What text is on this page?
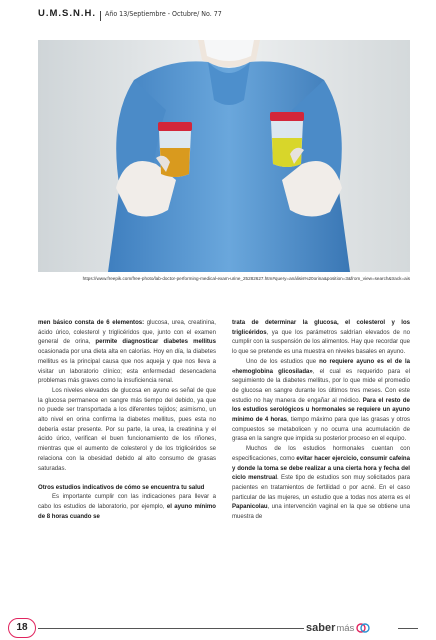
U.M.S.N.H. Año 13/Septiembre - Octubre/ No. 77
https://www.freepik.com/free-photo/lab-doctor-performing-medical-exam-urine_25282627.htm#query=análisis%20orina&position=3&from_view=search&track=ais

men básico consta de 6 elementos: glucosa, urea, creatinina, ácido úrico, colesterol y triglicéridos que, junto con el examen general de orina, permite diagnosticar diabetes mellitus ocasionada por una dieta alta en calorías. Hoy en día, la diabetes mellitus es la principal causa que nos aqueja y que nos lleva a visitar un laboratorio clínico; esta enfermedad desencadena problemas más graves como la insuficiencia renal.

Los niveles elevados de glucosa en ayuno es señal de que la glucosa permanece en sangre más tiempo del debido, ya que no puede ser transportada a los diferentes tejidos; asimismo, un alto nivel en orina confirma la diabetes mellitus, pues esta no debería estar presente. Por su parte, la urea, la creatinina y el ácido úrico, verifican el buen funcionamiento de los riñones, mientras que el aumento de colesterol y de los triglicéridos se relaciona con la obesidad debido al alto consumo de grasas saturadas.

Otros estudios indicativos de cómo se encuentra tu salud

Es importante cumplir con las indicaciones para llevar a cabo los estudios de laboratorio, por ejemplo, el ayuno mínimo de 8 horas cuando se

trata de determinar la glucosa, el colesterol y los triglicéridos, ya que los parámetros saldrían elevados de no cumplir con la suspensión de los alimentos. Hay que recordar que lo que se pretende es una muestra en niveles basales en ayuno.

Uno de los estudios que no requiere ayuno es el de la «hemoglobina glicosilada», el cual es requerido para el seguimiento de la diabetes mellitus, por lo que mide el promedio de glucosa en sangre durante los últimos tres meses. Con este estudio no hay manera de engañar al médico. Para el resto de los estudios serológicos u hormonales se requiere un ayuno mínimo de 4 horas, tiempo máximo para que las grasas y otros compuestos se metabolicen y no ocurra una acumulación de grasa en la sangre que impida su posterior proceso en el equipo.

Muchos de los estudios hormonales cuentan con especificaciones, como evitar hacer ejercicio, consumir cafeína y donde la toma se debe realizar a una cierta hora y fecha del ciclo menstrual. Este tipo de estudios son muy solicitados para pacientes en tratamientos de fertilidad o por acné. En el caso particular de las mujeres, un estudio que a todas nos aterra es el Papanicolau, una intervención vaginal en la que se obtiene una muestra de

18	saber más
